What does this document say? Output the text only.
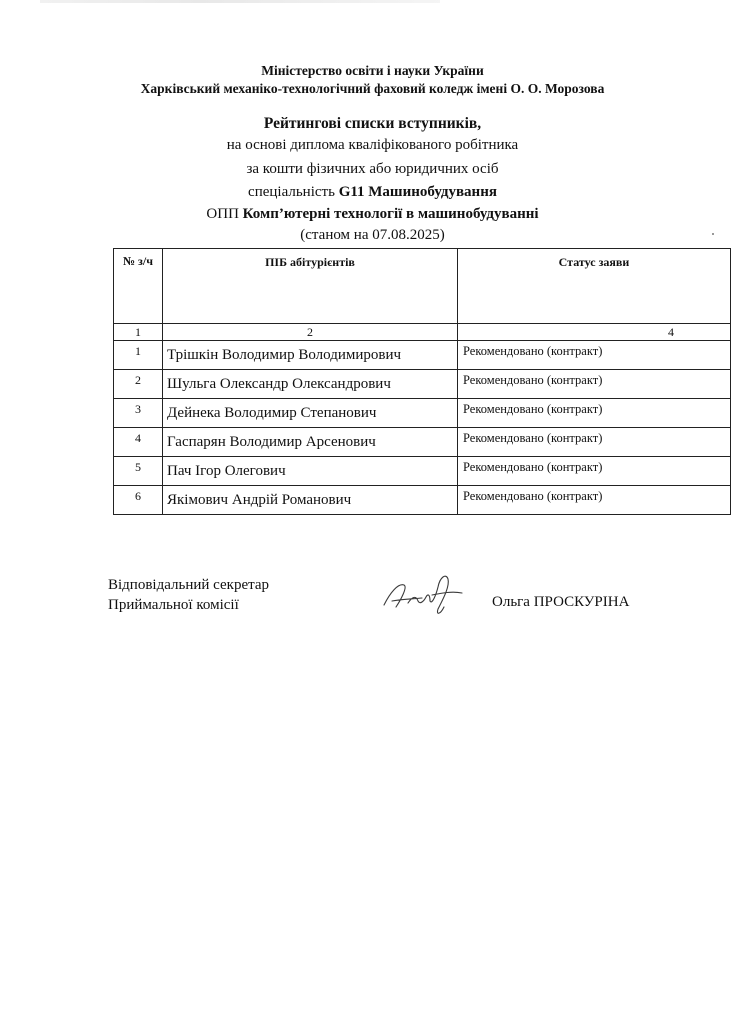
Міністерство освіти і науки України
Харківський механіко-технологічний фаховий коледж імені О. О. Морозова
Рейтингові списки вступників,
на основі диплома кваліфікованого робітника
за кошти фізичних або юридичних осіб
спеціальність G11 Машинобудування
ОПП Комп’ютерні технології в машинобудуванні
(станом на 07.08.2025)
№ з/ч	ПІБ абітурієнтів	Статус заяви
1	2	4
1	Трішкін Володимир Володимирович	Рекомендовано (контракт)
2	Шульга Олександр Олександрович	Рекомендовано (контракт)
3	Дейнека Володимир Степанович	Рекомендовано (контракт)
4	Гаспарян Володимир Арсенович	Рекомендовано (контракт)
5	Пач Ігор Олегович	Рекомендовано (контракт)
6	Якімович Андрій Романович	Рекомендовано (контракт)
Відповідальний секретар
Приймальної комісії	Ольга ПРОСКУРІНА
